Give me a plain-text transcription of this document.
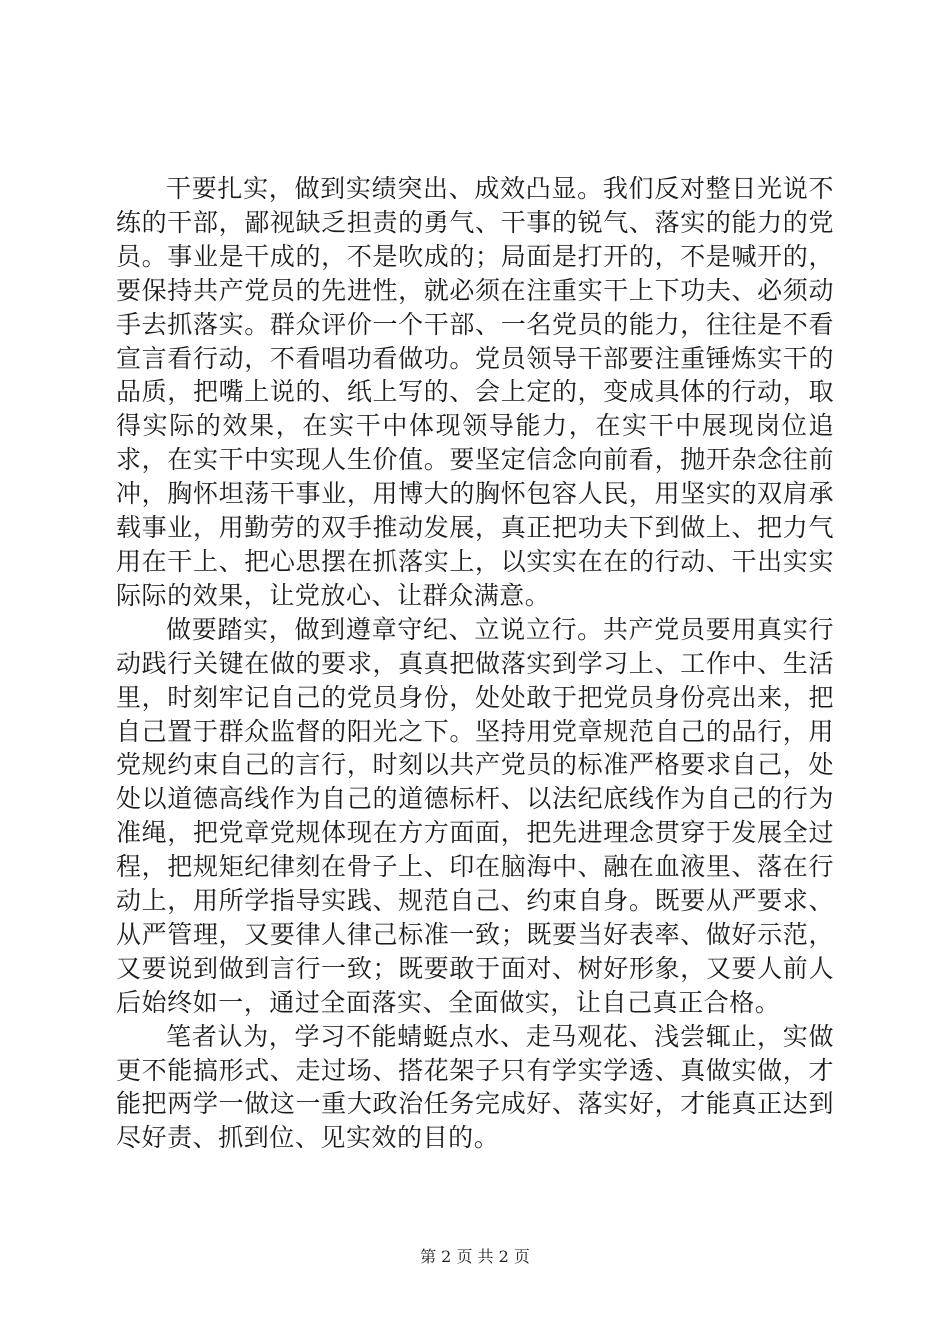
干要扎实，做到实绩突出、成效凸显。我们反对整日光说不练的干部，鄙视缺乏担责的勇气、干事的锐气、落实的能力的党员。事业是干成的，不是吹成的；局面是打开的，不是喊开的，要保持共产党员的先进性，就必须在注重实干上下功夫、必须动手去抓落实。群众评价一个干部、一名党员的能力，往往是不看宣言看行动，不看唱功看做功。党员领导干部要注重锤炼实干的品质，把嘴上说的、纸上写的、会上定的，变成具体的行动，取得实际的效果，在实干中体现领导能力，在实干中展现岗位追求，在实干中实现人生价值。要坚定信念向前看，抛开杂念往前冲，胸怀坦荡干事业，用博大的胸怀包容人民，用坚实的双肩承载事业，用勤劳的双手推动发展，真正把功夫下到做上、把力气用在干上、把心思摆在抓落实上，以实实在在的行动、干出实实际际的效果，让党放心、让群众满意。

做要踏实，做到遵章守纪、立说立行。共产党员要用真实行动践行关键在做的要求，真真把做落实到学习上、工作中、生活里，时刻牢记自己的党员身份，处处敢于把党员身份亮出来，把自己置于群众监督的阳光之下。坚持用党章规范自己的品行，用党规约束自己的言行，时刻以共产党员的标准严格要求自己，处处以道德高线作为自己的道德标杆、以法纪底线作为自己的行为准绳，把党章党规体现在方方面面，把先进理念贯穿于发展全过程，把规矩纪律刻在骨子上、印在脑海中、融在血液里、落在行动上，用所学指导实践、规范自己、约束自身。既要从严要求、从严管理，又要律人律己标准一致；既要当好表率、做好示范，又要说到做到言行一致；既要敢于面对、树好形象，又要人前人后始终如一，通过全面落实、全面做实，让自己真正合格。

笔者认为，学习不能蜻蜓点水、走马观花、浅尝辄止，实做更不能搞形式、走过场、搭花架子只有学实学透、真做实做，才能把两学一做这一重大政治任务完成好、落实好，才能真正达到尽好责、抓到位、见实效的目的。

第 2 页 共 2 页
